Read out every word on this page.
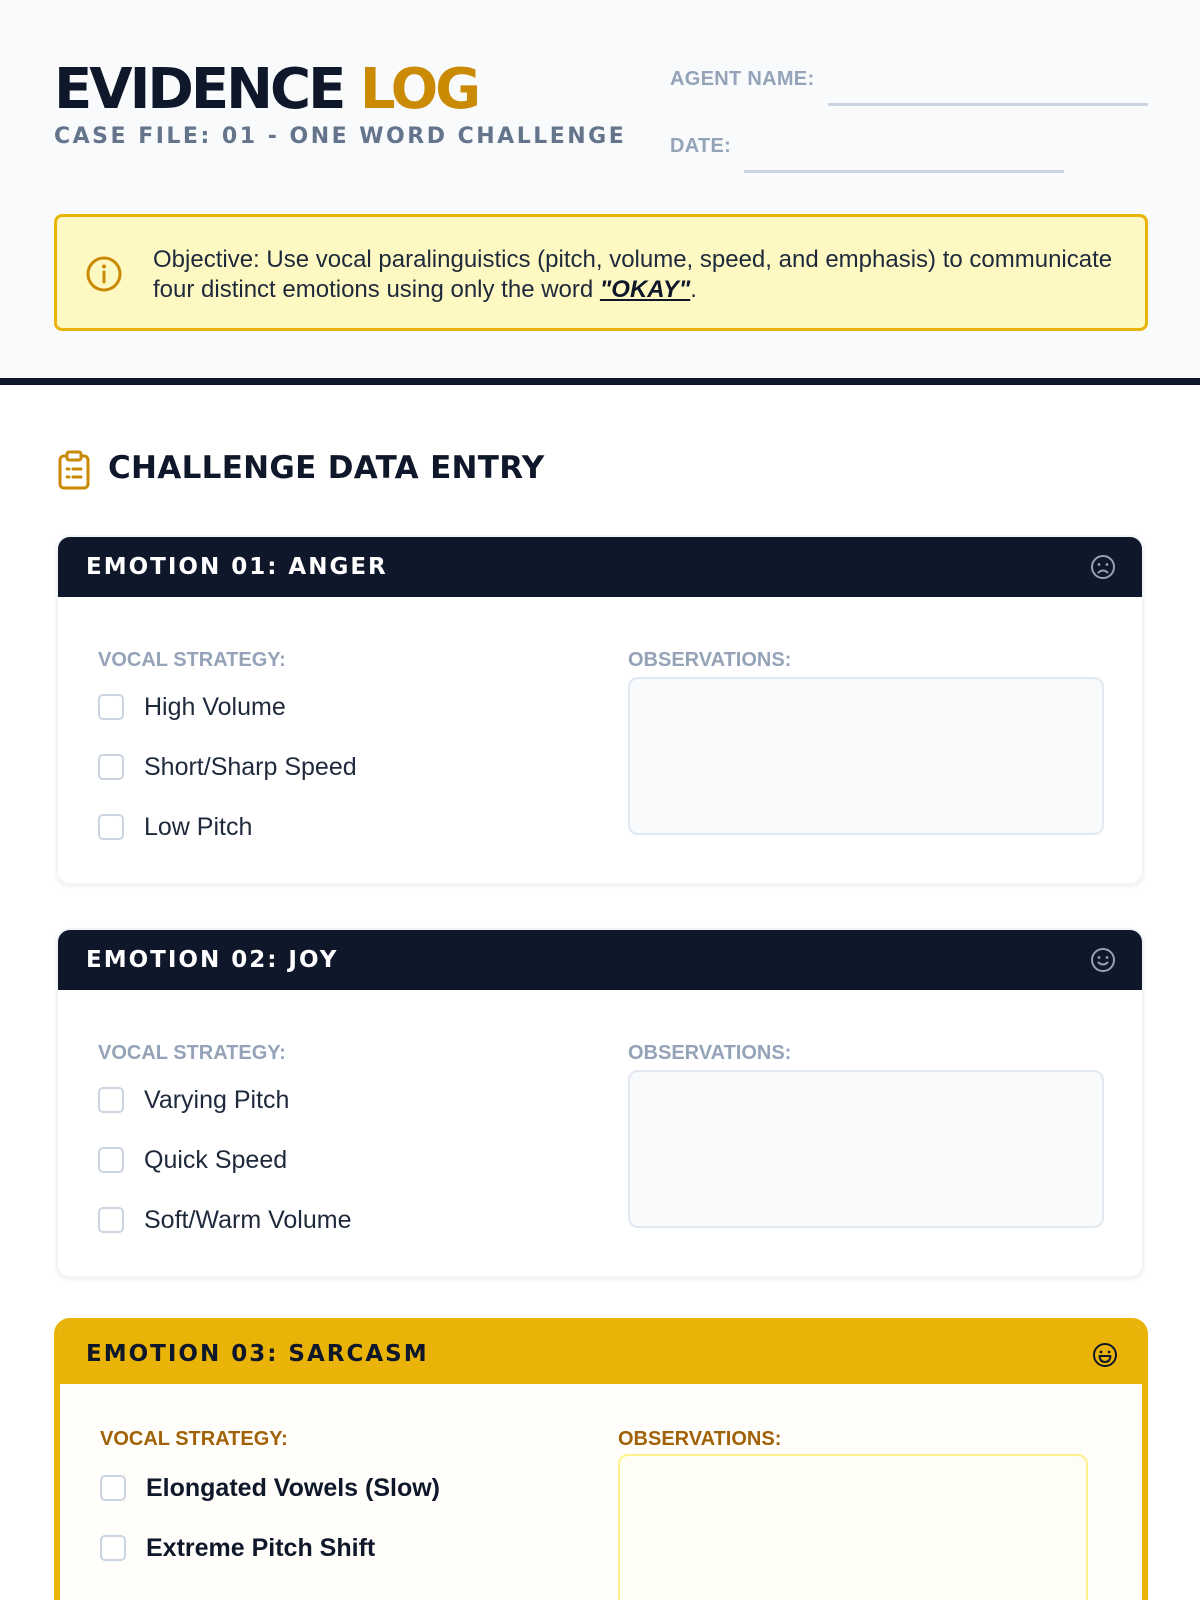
EVIDENCE LOG
CASE FILE: 01 - ONE WORD CHALLENGE
AGENT NAME:
DATE:
Objective: Use vocal paralinguistics (pitch, volume, speed, and emphasis) to communicate four distinct emotions using only the word "OKAY".
CHALLENGE DATA ENTRY
EMOTION 01: ANGER
VOCAL STRATEGY:	OBSERVATIONS:
High Volume
Short/Sharp Speed
Low Pitch
EMOTION 02: JOY
VOCAL STRATEGY:	OBSERVATIONS:
Varying Pitch
Quick Speed
Soft/Warm Volume
EMOTION 03: SARCASM
VOCAL STRATEGY:	OBSERVATIONS:
Elongated Vowels (Slow)
Extreme Pitch Shift
